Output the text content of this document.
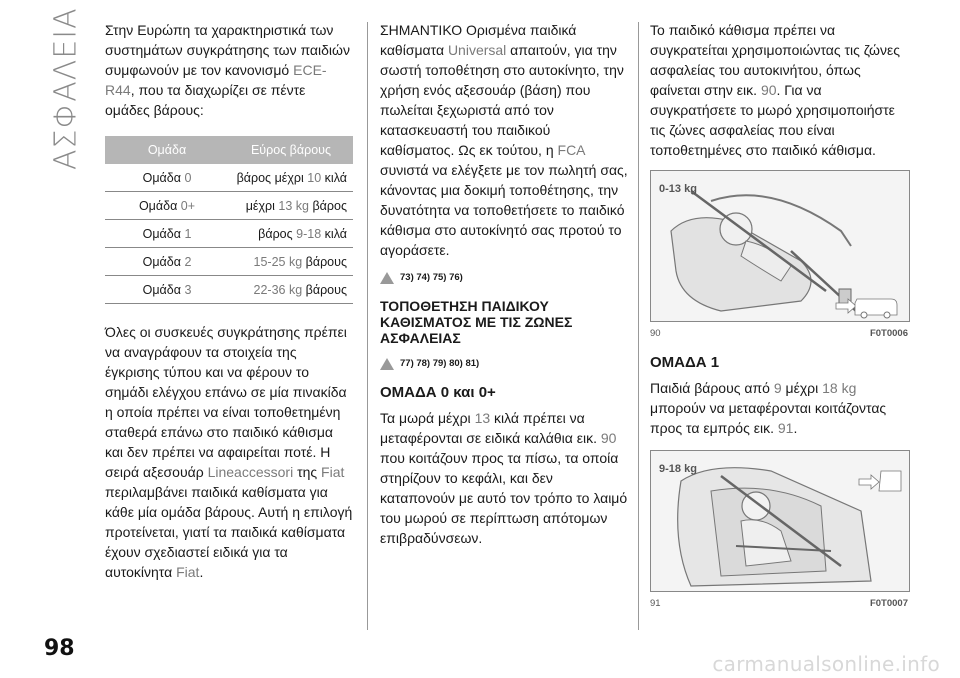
ΑΣΦΑΛΕΙΑ
98
carmanualsonline.info

Στην Ευρώπη τα χαρακτηριστικά των συστημάτων συγκράτησης των παιδιών συμφωνούν με τον κανονισμό ECE-R44, που τα διαχωρίζει σε πέντε ομάδες βάρους:

Ομάδα	Εύρος βάρους
Ομάδα 0	βάρος μέχρι 10 κιλά
Ομάδα 0+	μέχρι 13 kg βάρος
Ομάδα 1	βάρος 9-18 κιλά
Ομάδα 2	15-25 kg βάρους
Ομάδα 3	22-36 kg βάρους

Όλες οι συσκευές συγκράτησης πρέπει να αναγράφουν τα στοιχεία της έγκρισης τύπου και να φέρουν το σημάδι ελέγχου επάνω σε μία πινακίδα η οποία πρέπει να είναι τοποθετημένη σταθερά επάνω στο παιδικό κάθισμα και δεν πρέπει να αφαιρείται ποτέ. Η σειρά αξεσουάρ Lineaccessori της Fiat περιλαμβάνει παιδικά καθίσματα για κάθε μία ομάδα βάρους. Αυτή η επιλογή προτείνεται, γιατί τα παιδικά καθίσματα έχουν σχεδιαστεί ειδικά για τα αυτοκίνητα Fiat.

ΣΗΜΑΝΤΙΚΟ Ορισμένα παιδικά καθίσματα Universal απαιτούν, για την σωστή τοποθέτηση στο αυτοκίνητο, την χρήση ενός αξεσουάρ (βάση) που πωλείται ξεχωριστά από τον κατασκευαστή του παιδικού καθίσματος. Ως εκ τούτου, η FCA συνιστά να ελέγξετε με τον πωλητή σας, κάνοντας μια δοκιμή τοποθέτησης, την δυνατότητα να τοποθετήσετε το παιδικό κάθισμα στο αυτοκίνητό σας προτού το αγοράσετε.

73) 74) 75) 76)
ΤΟΠΟΘΕΤΗΣΗ ΠΑΙΔΙΚΟΥ ΚΑΘΙΣΜΑΤΟΣ ΜΕ ΤΙΣ ΖΩΝΕΣ ΑΣΦΑΛΕΙΑΣ
77) 78) 79) 80) 81)
ΟΜΑΔΑ 0 και 0+

Τα μωρά μέχρι 13 κιλά πρέπει να μεταφέρονται σε ειδικά καλάθια εικ. 90 που κοιτάζουν προς τα πίσω, τα οποία στηρίζουν το κεφάλι, και δεν καταπονούν με αυτό τον τρόπο το λαιμό του μωρού σε περίπτωση απότομων επιβραδύνσεων.

Το παιδικό κάθισμα πρέπει να συγκρατείται χρησιμοποιώντας τις ζώνες ασφαλείας του αυτοκινήτου, όπως φαίνεται στην εικ. 90. Για να συγκρατήσετε το μωρό χρησιμοποιήστε τις ζώνες ασφαλείας που είναι τοποθετημένες στο παιδικό κάθισμα.

0-13 kg
90	F0T0006
ΟΜΑΔΑ 1

Παιδιά βάρους από 9 μέχρι 18 kg μπορούν να μεταφέρονται κοιτάζοντας προς τα εμπρός εικ. 91.

9-18 kg
91	F0T0007
